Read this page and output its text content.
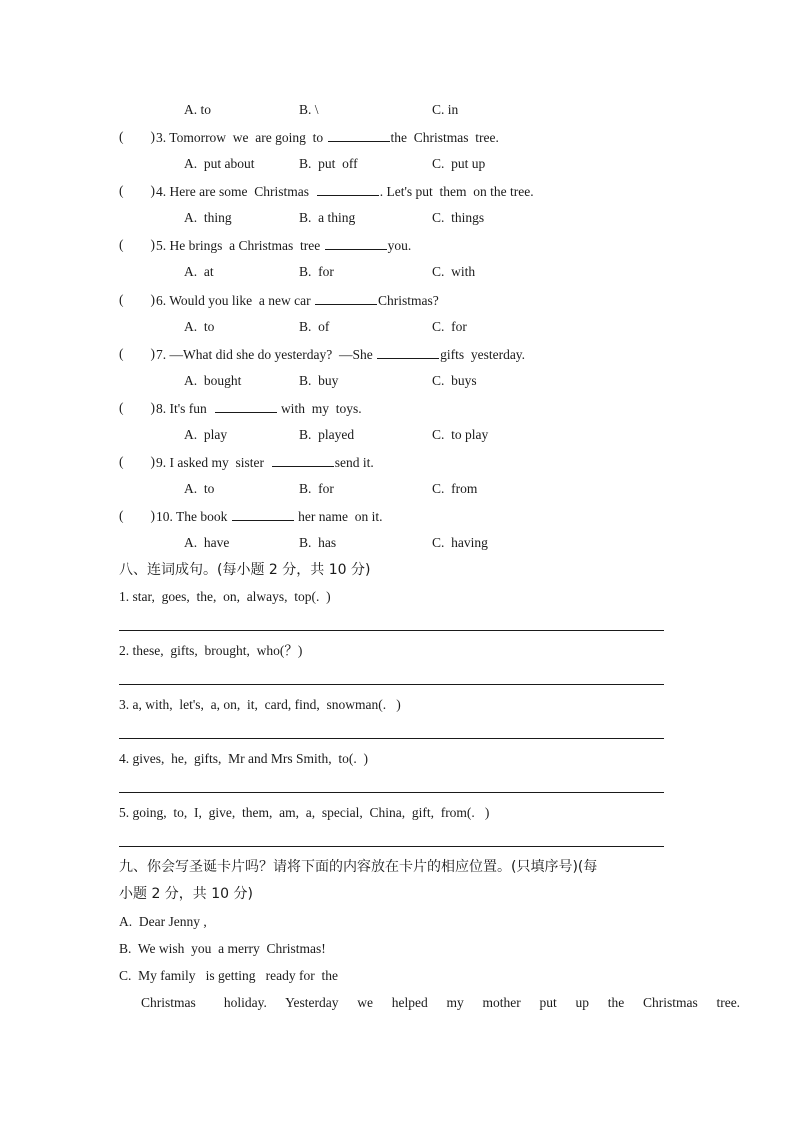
A. to	B. \	C. in
(        ) 3. Tomorrow  we  are going  to	the  Christmas  tree.
A.  put about	B.  put  off	C.  put up
(        ) 4. Here are some  Christmas	. Let's put  them  on the tree.
A.  thing	B.  a thing	C.  things
(        ) 5. He brings  a Christmas  tree	you.
A.  at	B.  for	C.  with
(        ) 6. Would you like  a new car	Christmas?
A.  to	B.  of	C.  for
(        ) 7. —What did she do yesterday?  —She	gifts  yesterday.
A.  bought	B.  buy	C.  buys
(        ) 8. It's fun	with  my  toys.
A.  play	B.  played	C.  to play
(        ) 9. I asked my  sister	send it.
A.  to	B.  for	C.  from
(        ) 10. The book	her name  on it.
A.  have	B.  has	C.  having
八、连词成句。(每小题 2 分，共 10 分)
1. star,  goes,  the,  on,  always,  top(.  )
2. these,  gifts,  brought,  who(？)
3. a, with,  let's,  a, on,  it,  card, find,  snowman(.   )
4. gives,  he,  gifts,  Mr and Mrs Smith,  to(.  )
5. going,  to,  I,  give,  them,  am,  a,  special,  China,  gift,  from(.   )
九、你会写圣诞卡片吗？请将下面的内容放在卡片的相应位置。(只填序号)(每
小题 2 分，共 10 分)
A.  Dear Jenny ,
B.  We wish  you  a merry  Christmas!
C.  My family   is getting   ready for  the
Christmas   holiday.  Yesterday  we  helped  my  mother  put  up  the  Christmas  tree.
